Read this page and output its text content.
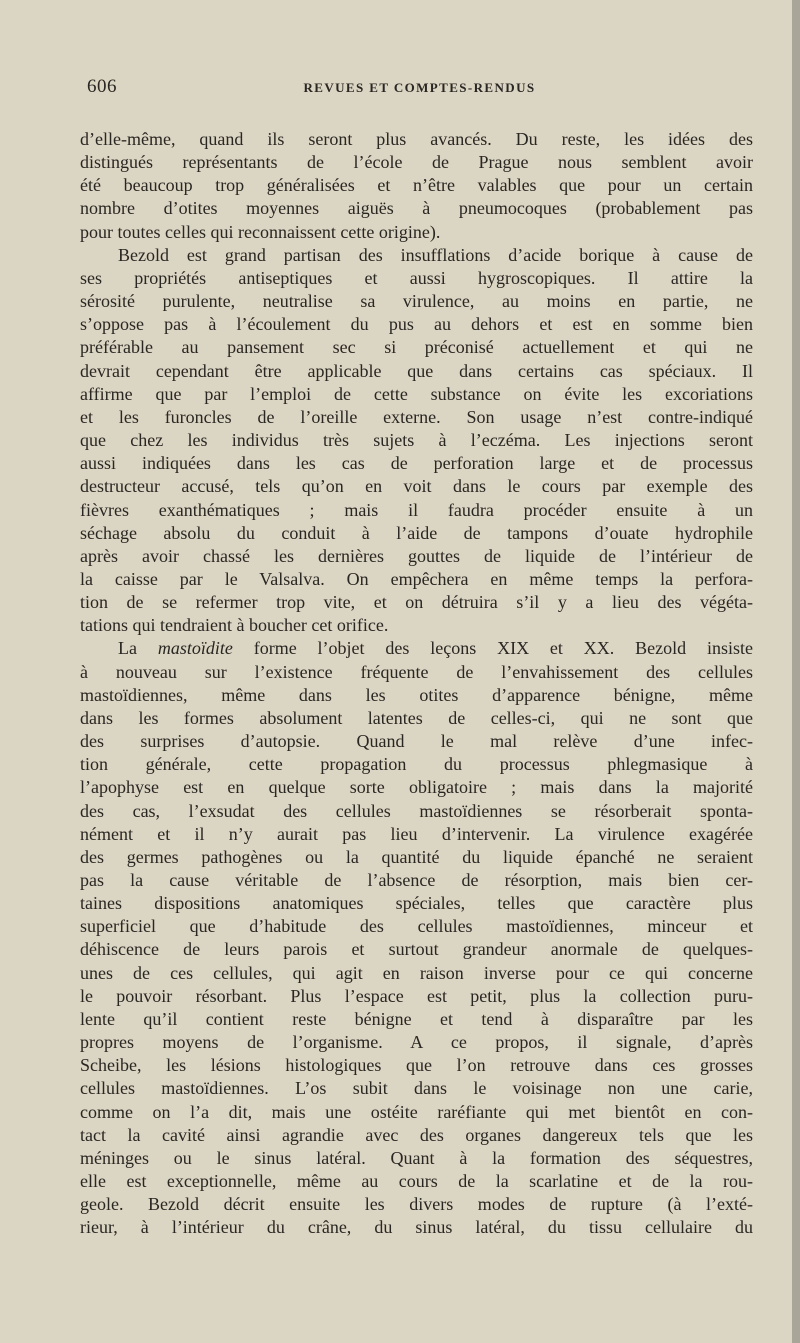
606	REVUES ET COMPTES-RENDUS
d’elle-même, quand ils seront plus avancés. Du reste, les idées des
distingués représentants de l’école de Prague nous semblent avoir
été beaucoup trop généralisées et n’être valables que pour un certain
nombre d’otites moyennes aiguës à pneumocoques (probablement pas
pour toutes celles qui reconnaissent cette origine).
Bezold est grand partisan des insufflations d’acide borique à cause de
ses propriétés antiseptiques et aussi hygroscopiques. Il attire la
sérosité purulente, neutralise sa virulence, au moins en partie, ne
s’oppose pas à l’écoulement du pus au dehors et est en somme bien
préférable au pansement sec si préconisé actuellement et qui ne
devrait cependant être applicable que dans certains cas spéciaux. Il
affirme que par l’emploi de cette substance on évite les excoriations
et les furoncles de l’oreille externe. Son usage n’est contre-indiqué
que chez les individus très sujets à l’eczéma. Les injections seront
aussi indiquées dans les cas de perforation large et de processus
destructeur accusé, tels qu’on en voit dans le cours par exemple des
fièvres exanthématiques ; mais il faudra procéder ensuite à un
séchage absolu du conduit à l’aide de tampons d’ouate hydrophile
après avoir chassé les dernières gouttes de liquide de l’intérieur de
la caisse par le Valsalva. On empêchera en même temps la perfora-
tion de se refermer trop vite, et on détruira s’il y a lieu des végéta-
tations qui tendraient à boucher cet orifice.
La mastoïdite forme l’objet des leçons XIX et XX. Bezold insiste
à nouveau sur l’existence fréquente de l’envahissement des cellules
mastoïdiennes, même dans les otites d’apparence bénigne, même
dans les formes absolument latentes de celles-ci, qui ne sont que
des surprises d’autopsie. Quand le mal relève d’une infec-
tion générale, cette propagation du processus phlegmasique à
l’apophyse est en quelque sorte obligatoire ; mais dans la majorité
des cas, l’exsudat des cellules mastoïdiennes se résorberait sponta-
nément et il n’y aurait pas lieu d’intervenir. La virulence exagérée
des germes pathogènes ou la quantité du liquide épanché ne seraient
pas la cause véritable de l’absence de résorption, mais bien cer-
taines dispositions anatomiques spéciales, telles que caractère plus
superficiel que d’habitude des cellules mastoïdiennes, minceur et
déhiscence de leurs parois et surtout grandeur anormale de quelques-
unes de ces cellules, qui agit en raison inverse pour ce qui concerne
le pouvoir résorbant. Plus l’espace est petit, plus la collection puru-
lente qu’il contient reste bénigne et tend à disparaître par les
propres moyens de l’organisme. A ce propos, il signale, d’après
Scheibe, les lésions histologiques que l’on retrouve dans ces grosses
cellules mastoïdiennes. L’os subit dans le voisinage non une carie,
comme on l’a dit, mais une ostéite raréfiante qui met bientôt en con-
tact la cavité ainsi agrandie avec des organes dangereux tels que les
méninges ou le sinus latéral. Quant à la formation des séquestres,
elle est exceptionnelle, même au cours de la scarlatine et de la rou-
geole. Bezold décrit ensuite les divers modes de rupture (à l’exté-
rieur, à l’intérieur du crâne, du sinus latéral, du tissu cellulaire du
